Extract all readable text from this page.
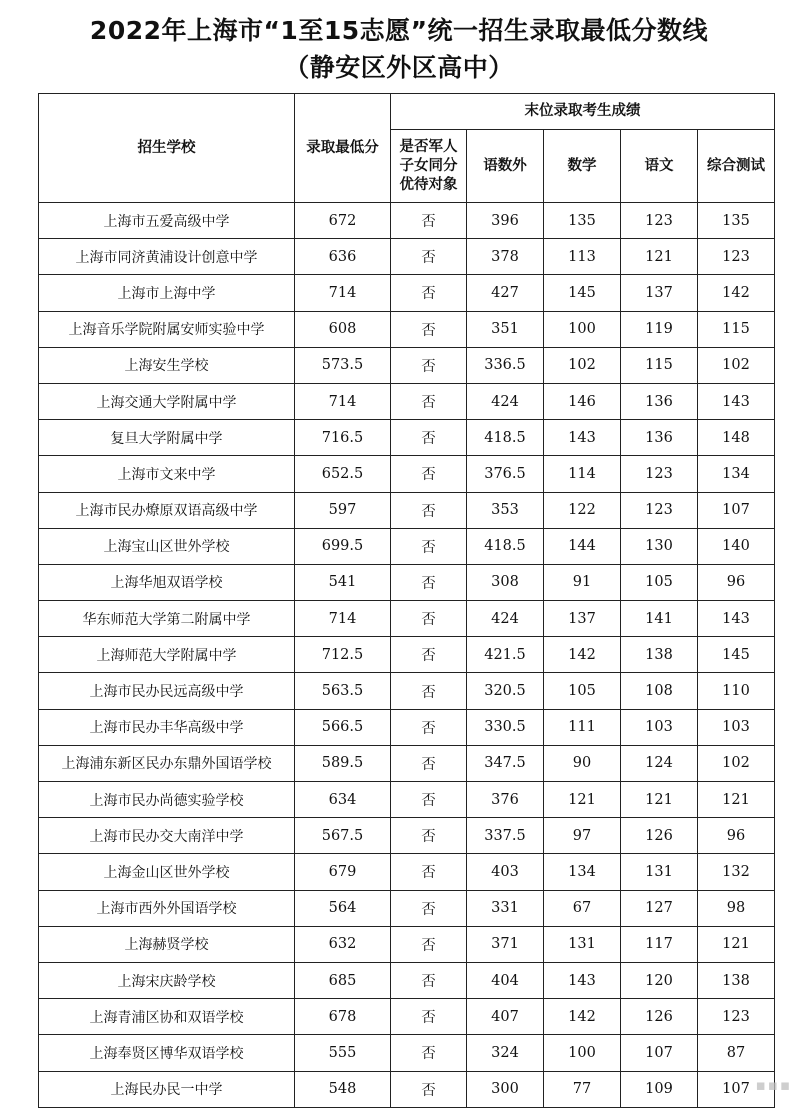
2022年上海市“1至15志愿”统一招生录取最低分数线
（静安区外区高中）
招生学校	录取最低分	末位录取考生成绩				
		是否军人子女同分优待对象	语数外	数学	语文	综合测试
上海市五爱高级中学	672	否	396	135	123	135
上海市同济黄浦设计创意中学	636	否	378	113	121	123
上海市上海中学	714	否	427	145	137	142
上海音乐学院附属安师实验中学	608	否	351	100	119	115
上海安生学校	573.5	否	336.5	102	115	102
上海交通大学附属中学	714	否	424	146	136	143
复旦大学附属中学	716.5	否	418.5	143	136	148
上海市文来中学	652.5	否	376.5	114	123	134
上海市民办燎原双语高级中学	597	否	353	122	123	107
上海宝山区世外学校	699.5	否	418.5	144	130	140
上海华旭双语学校	541	否	308	91	105	96
华东师范大学第二附属中学	714	否	424	137	141	143
上海师范大学附属中学	712.5	否	421.5	142	138	145
上海市民办民远高级中学	563.5	否	320.5	105	108	110
上海市民办丰华高级中学	566.5	否	330.5	111	103	103
上海浦东新区民办东鼎外国语学校	589.5	否	347.5	90	124	102
上海市民办尚德实验学校	634	否	376	121	121	121
上海市民办交大南洋中学	567.5	否	337.5	97	126	96
上海金山区世外学校	679	否	403	134	131	132
上海市西外外国语学校	564	否	331	67	127	98
上海赫贤学校	632	否	371	131	117	121
上海宋庆龄学校	685	否	404	143	120	138
上海青浦区协和双语学校	678	否	407	142	126	123
上海奉贤区博华双语学校	555	否	324	100	107	87
上海民办民一中学	548	否	300	77	109	107 ▪▪▪
